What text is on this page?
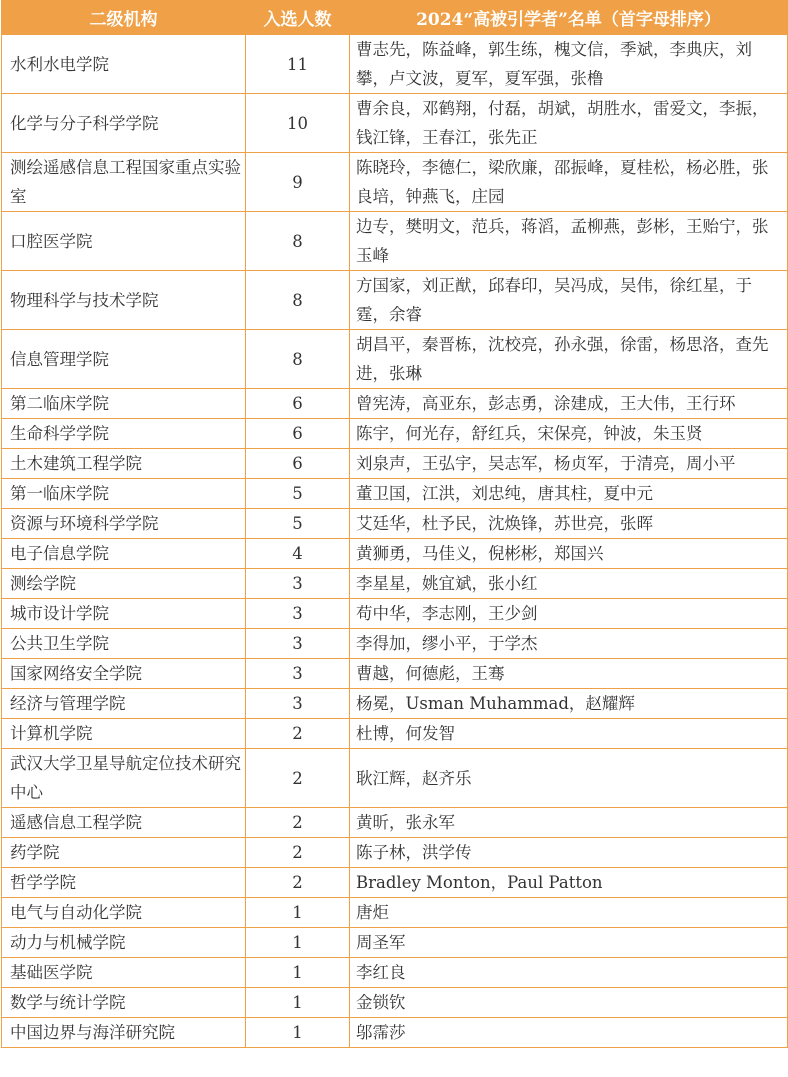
二级机构	入选人数	2024“高被引学者”名单（首字母排序）
水利水电学院	11	曹志先，陈益峰，郭生练，槐文信，季斌，李典庆，刘攀，卢文波，夏军，夏军强，张橹
化学与分子科学学院	10	曹余良，邓鹤翔，付磊，胡斌，胡胜水，雷爱文，李振，钱江锋，王春江，张先正
测绘遥感信息工程国家重点实验室	9	陈晓玲，李德仁，梁欣廉，邵振峰，夏桂松，杨必胜，张良培，钟燕飞，庄园
口腔医学院	8	边专，樊明文，范兵，蒋滔，孟柳燕，彭彬，王贻宁，张玉峰
物理科学与技术学院	8	方国家，刘正猷，邱春印，吴冯成，吴伟，徐红星，于霆，余睿
信息管理学院	8	胡昌平，秦晋栋，沈校亮，孙永强，徐雷，杨思洛，查先进，张琳
第二临床学院	6	曾宪涛，高亚东，彭志勇，涂建成，王大伟，王行环
生命科学学院	6	陈宇，何光存，舒红兵，宋保亮，钟波，朱玉贤
土木建筑工程学院	6	刘泉声，王弘宇，吴志军，杨贞军，于清亮，周小平
第一临床学院	5	董卫国，江洪，刘忠纯，唐其柱，夏中元
资源与环境科学学院	5	艾廷华，杜予民，沈焕锋，苏世亮，张晖
电子信息学院	4	黄狮勇，马佳义，倪彬彬，郑国兴
测绘学院	3	李星星，姚宜斌，张小红
城市设计学院	3	苟中华，李志刚，王少剑
公共卫生学院	3	李得加，缪小平，于学杰
国家网络安全学院	3	曹越，何德彪，王骞
经济与管理学院	3	杨冕，Usman Muhammad，赵耀辉
计算机学院	2	杜博，何发智
武汉大学卫星导航定位技术研究中心	2	耿江辉，赵齐乐
遥感信息工程学院	2	黄昕，张永军
药学院	2	陈子林，洪学传
哲学学院	2	Bradley Monton，Paul Patton
电气与自动化学院	1	唐炬
动力与机械学院	1	周圣军
基础医学院	1	李红良
数学与统计学院	1	金锁钦
中国边界与海洋研究院	1	邬霈莎
